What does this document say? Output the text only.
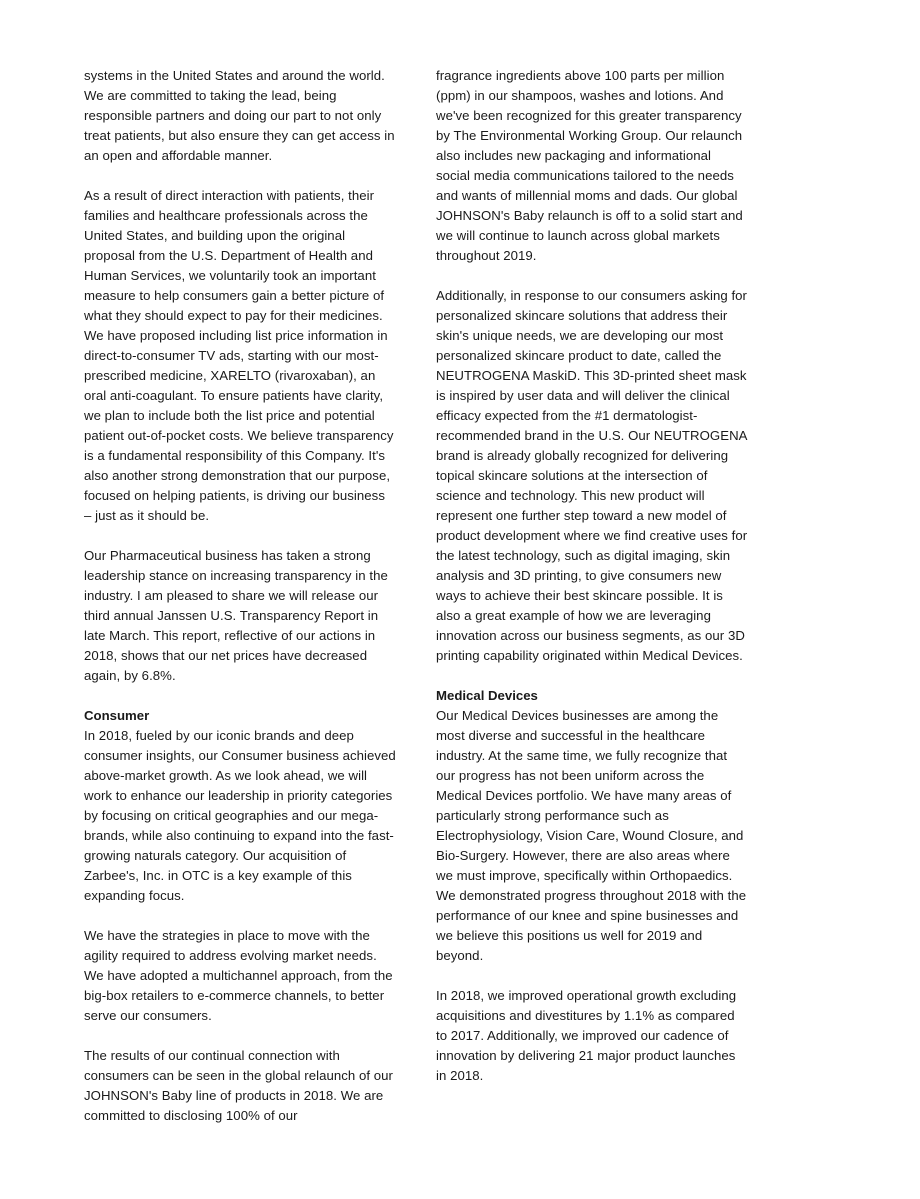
systems in the United States and around the world. We are committed to taking the lead, being responsible partners and doing our part to not only treat patients, but also ensure they can get access in an open and affordable manner.

As a result of direct interaction with patients, their families and healthcare professionals across the United States, and building upon the original proposal from the U.S. Department of Health and Human Services, we voluntarily took an important measure to help consumers gain a better picture of what they should expect to pay for their medicines. We have proposed including list price information in direct-to-consumer TV ads, starting with our most-prescribed medicine, XARELTO (rivaroxaban), an oral anti-coagulant. To ensure patients have clarity, we plan to include both the list price and potential patient out-of-pocket costs. We believe transparency is a fundamental responsibility of this Company. It's also another strong demonstration that our purpose, focused on helping patients, is driving our business – just as it should be.

Our Pharmaceutical business has taken a strong leadership stance on increasing transparency in the industry. I am pleased to share we will release our third annual Janssen U.S. Transparency Report in late March. This report, reflective of our actions in 2018, shows that our net prices have decreased again, by 6.8%.

Consumer

In 2018, fueled by our iconic brands and deep consumer insights, our Consumer business achieved above-market growth. As we look ahead, we will work to enhance our leadership in priority categories by focusing on critical geographies and our mega-brands, while also continuing to expand into the fast-growing naturals category. Our acquisition of Zarbee's, Inc. in OTC is a key example of this expanding focus.

We have the strategies in place to move with the agility required to address evolving market needs. We have adopted a multichannel approach, from the big-box retailers to e-commerce channels, to better serve our consumers.

The results of our continual connection with consumers can be seen in the global relaunch of our JOHNSON's Baby line of products in 2018. We are committed to disclosing 100% of our

fragrance ingredients above 100 parts per million (ppm) in our shampoos, washes and lotions. And we've been recognized for this greater transparency by The Environmental Working Group. Our relaunch also includes new packaging and informational social media communications tailored to the needs and wants of millennial moms and dads. Our global JOHNSON's Baby relaunch is off to a solid start and we will continue to launch across global markets throughout 2019.

Additionally, in response to our consumers asking for personalized skincare solutions that address their skin's unique needs, we are developing our most personalized skincare product to date, called the NEUTROGENA MaskiD. This 3D-printed sheet mask is inspired by user data and will deliver the clinical efficacy expected from the #1 dermatologist-recommended brand in the U.S. Our NEUTROGENA brand is already globally recognized for delivering topical skincare solutions at the intersection of science and technology. This new product will represent one further step toward a new model of product development where we find creative uses for the latest technology, such as digital imaging, skin analysis and 3D printing, to give consumers new ways to achieve their best skincare possible. It is also a great example of how we are leveraging innovation across our business segments, as our 3D printing capability originated within Medical Devices.

Medical Devices

Our Medical Devices businesses are among the most diverse and successful in the healthcare industry. At the same time, we fully recognize that our progress has not been uniform across the Medical Devices portfolio. We have many areas of particularly strong performance such as Electrophysiology, Vision Care, Wound Closure, and Bio-Surgery. However, there are also areas where we must improve, specifically within Orthopaedics. We demonstrated progress throughout 2018 with the performance of our knee and spine businesses and we believe this positions us well for 2019 and beyond.

In 2018, we improved operational growth excluding acquisitions and divestitures by 1.1% as compared to 2017. Additionally, we improved our cadence of innovation by delivering 21 major product launches in 2018.
